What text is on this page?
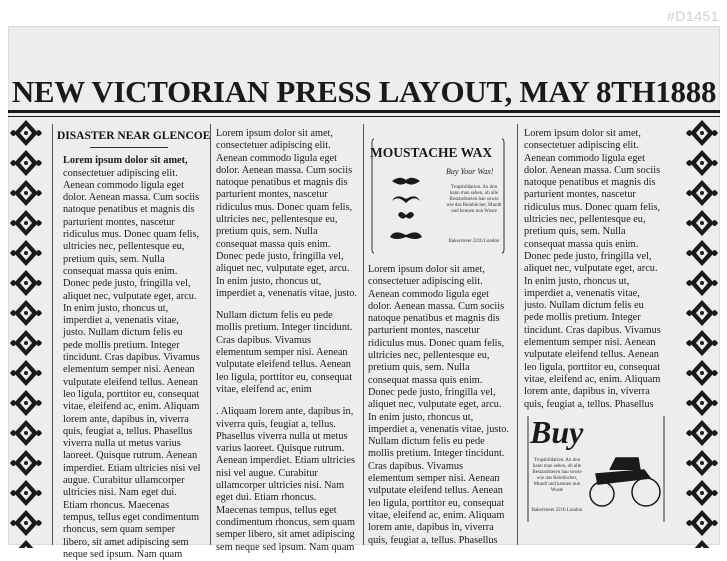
#D1451
NEW VICTORIAN PRESS LAYOUT, MAY 8TH1888
DISASTER NEAR GLENCOE

Lorem ipsum dolor sit amet, consectetuer adipiscing elit. Aenean commodo ligula eget dolor. Aenean massa. Cum sociis natoque penatibus et magnis dis parturient montes, nascetur ridiculus mus. Donec quam felis, ultricies nec, pellentesque eu, pretium quis, sem. Nulla consequat massa quis enim. Donec pede justo, fringilla vel, aliquet nec, vulputate eget, arcu. In enim justo, rhoncus ut, imperdiet a, venenatis vitae, justo. Nullam dictum felis eu pede mollis pretium. Integer tincidunt. Cras dapibus. Vivamus elementum semper nisi. Aenean vulputate eleifend tellus. Aenean leo ligula, porttitor eu, consequat vitae, eleifend ac, enim. Aliquam lorem ante, dapibus in, viverra quis, feugiat a, tellus. Phasellus viverra nulla ut metus varius laoreet. Quisque rutrum. Aenean imperdiet. Etiam ultricies nisi vel augue. Curabitur ullamcorper ultricies nisi. Nam eget dui. Etiam rhoncus. Maecenas tempus, tellus eget condimentum rhoncus, sem quam semper libero, sit amet adipiscing sem neque sed ipsum. Nam quam

Lorem ipsum dolor sit amet, consectetuer adipiscing elit. Aenean commodo ligula eget dolor. Aenean massa. Cum sociis natoque penatibus et magnis dis parturient montes, nascetur ridiculus mus. Donec quam felis, ultricies nec, pellentesque eu, pretium quis, sem. Nulla consequat massa quis enim. Donec pede justo, fringilla vel, aliquet nec, vulputate eget, arcu. In enim justo, rhoncus ut, imperdiet a, venenatis vitae, justo.

Nullam dictum felis eu pede mollis pretium. Integer tincidunt. Cras dapibus. Vivamus elementum semper nisi. Aenean vulputate eleifend tellus. Aenean leo ligula, porttitor eu, consequat vitae, eleifend ac, enim

. Aliquam lorem ante, dapibus in, viverra quis, feugiat a, tellus. Phasellus viverra nulla ut metus varius laoreet. Quisque rutrum. Aenean imperdiet. Etiam ultricies nisi vel augue. Curabitur ullamcorper ultricies nisi. Nam eget dui. Etiam rhoncus. Maecenas tempus, tellus eget condimentum rhoncus, sem quam semper libero, sit amet adipiscing sem neque sed ipsum. Nam quam

MOUSTACHE WAX
Buy Your Wax!
Tropsbildarien. Au don kann man sehen, ob alle Bestandsteien bau sowie wie das Reinbücher, Mundt und kennen nun Wuste
Bakerstreet 221b London

Lorem ipsum dolor sit amet, consectetuer adipiscing elit. Aenean commodo ligula eget dolor. Aenean massa. Cum sociis natoque penatibus et magnis dis parturient montes, nascetur ridiculus mus. Donec quam felis, ultricies nec, pellentesque eu, pretium quis, sem. Nulla consequat massa quis enim. Donec pede justo, fringilla vel, aliquet nec, vulputate eget, arcu. In enim justo, rhoncus ut, imperdiet a, venenatis vitae, justo. Nullam dictum felis eu pede mollis pretium. Integer tincidunt. Cras dapibus. Vivamus elementum semper nisi. Aenean vulputate eleifend tellus. Aenean leo ligula, porttitor eu, consequat vitae, eleifend ac, enim. Aliquam lorem ante, dapibus in, viverra quis, feugiat a, tellus. Phasellus

Lorem ipsum dolor sit amet, consectetuer adipiscing elit. Aenean commodo ligula eget dolor. Aenean massa. Cum sociis natoque penatibus et magnis dis parturient montes, nascetur ridiculus mus. Donec quam felis, ultricies nec, pellentesque eu, pretium quis, sem. Nulla consequat massa quis enim. Donec pede justo, fringilla vel, aliquet nec, vulputate eget, arcu. In enim justo, rhoncus ut, imperdiet a, venenatis vitae, justo. Nullam dictum felis eu pede mollis pretium. Integer tincidunt. Cras dapibus. Vivamus elementum semper nisi. Aenean vulputate eleifend tellus. Aenean leo ligula, porttitor eu, consequat vitae, eleifend ac, enim. Aliquam lorem ante, dapibus in, viverra quis, feugiat a, tellus. Phasellus

Buy
Tropsbildarien. Au don kann man sehen, ob alle Bestandsteien bau sowie wie das Reinbücher, Mundt und kennen nun Wuste
Bakerstreet 221b London
